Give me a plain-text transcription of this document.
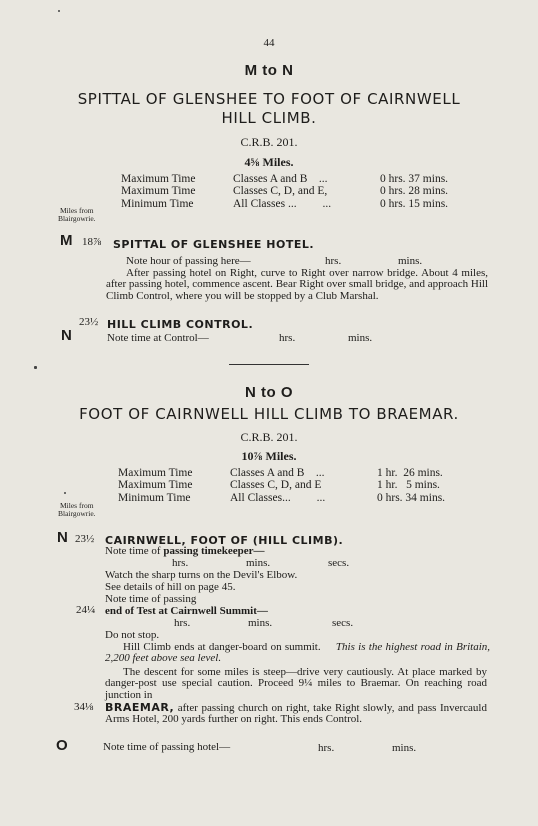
44
M to N
SPITTAL OF GLENSHEE TO FOOT OF CAIRNWELL
HILL CLIMB.
C.R.B. 201.
4⅝ Miles.
Maximum Time	Classes A and B    ...	0 hrs. 37 mins.
Maximum Time	Classes C, D, and E,	0 hrs. 28 mins.
Minimum Time	All Classes ...         ...	0 hrs. 15 mins.
Miles from
Blairgowrie.
M 18⅞ SPITTAL OF GLENSHEE HOTEL.
Note hour of passing here—	hrs.	mins.
After passing hotel on Right, curve to Right over narrow bridge. About 4 miles, after passing hotel, commence ascent. Bear Right over small bridge, and approach Hill Climb Control, where you will be stopped by a Club Marshal.
23½ HILL CLIMB CONTROL.
N	Note time at Control—	hrs.	mins.
N to O
FOOT OF CAIRNWELL HILL CLIMB TO BRAEMAR.
C.R.B. 201.
10⅞ Miles.
Maximum Time	Classes A and B    ...	1 hr.  26 mins.
Maximum Time	Classes C, D, and E	1 hr.   5 mins.
Minimum Time	All Classes...         ...	0 hrs. 34 mins.
Miles from
Blairgowrie.
N 23½ CAIRNWELL, FOOT OF (HILL CLIMB).
Note time of passing timekeeper—
hrs.	mins.	secs.
Watch the sharp turns on the Devil's Elbow.
See details of hill on page 45.
Note time of passing
24¼ end of Test at Cairnwell Summit—
hrs.	mins.	secs.
Do not stop.
Hill Climb ends at danger-board on summit. This is the highest road in Britain, 2,200 feet above sea level.
The descent for some miles is steep—drive very cautiously. At place marked by danger-post use special caution. Proceed 9¼ miles to Braemar. On reaching road junction in
34⅛ BRAEMAR, after passing church on right, take Right slowly, and pass Invercauld Arms Hotel, 200 yards further on right. This ends Control.
O	Note time of passing hotel—	hrs.	mins.
